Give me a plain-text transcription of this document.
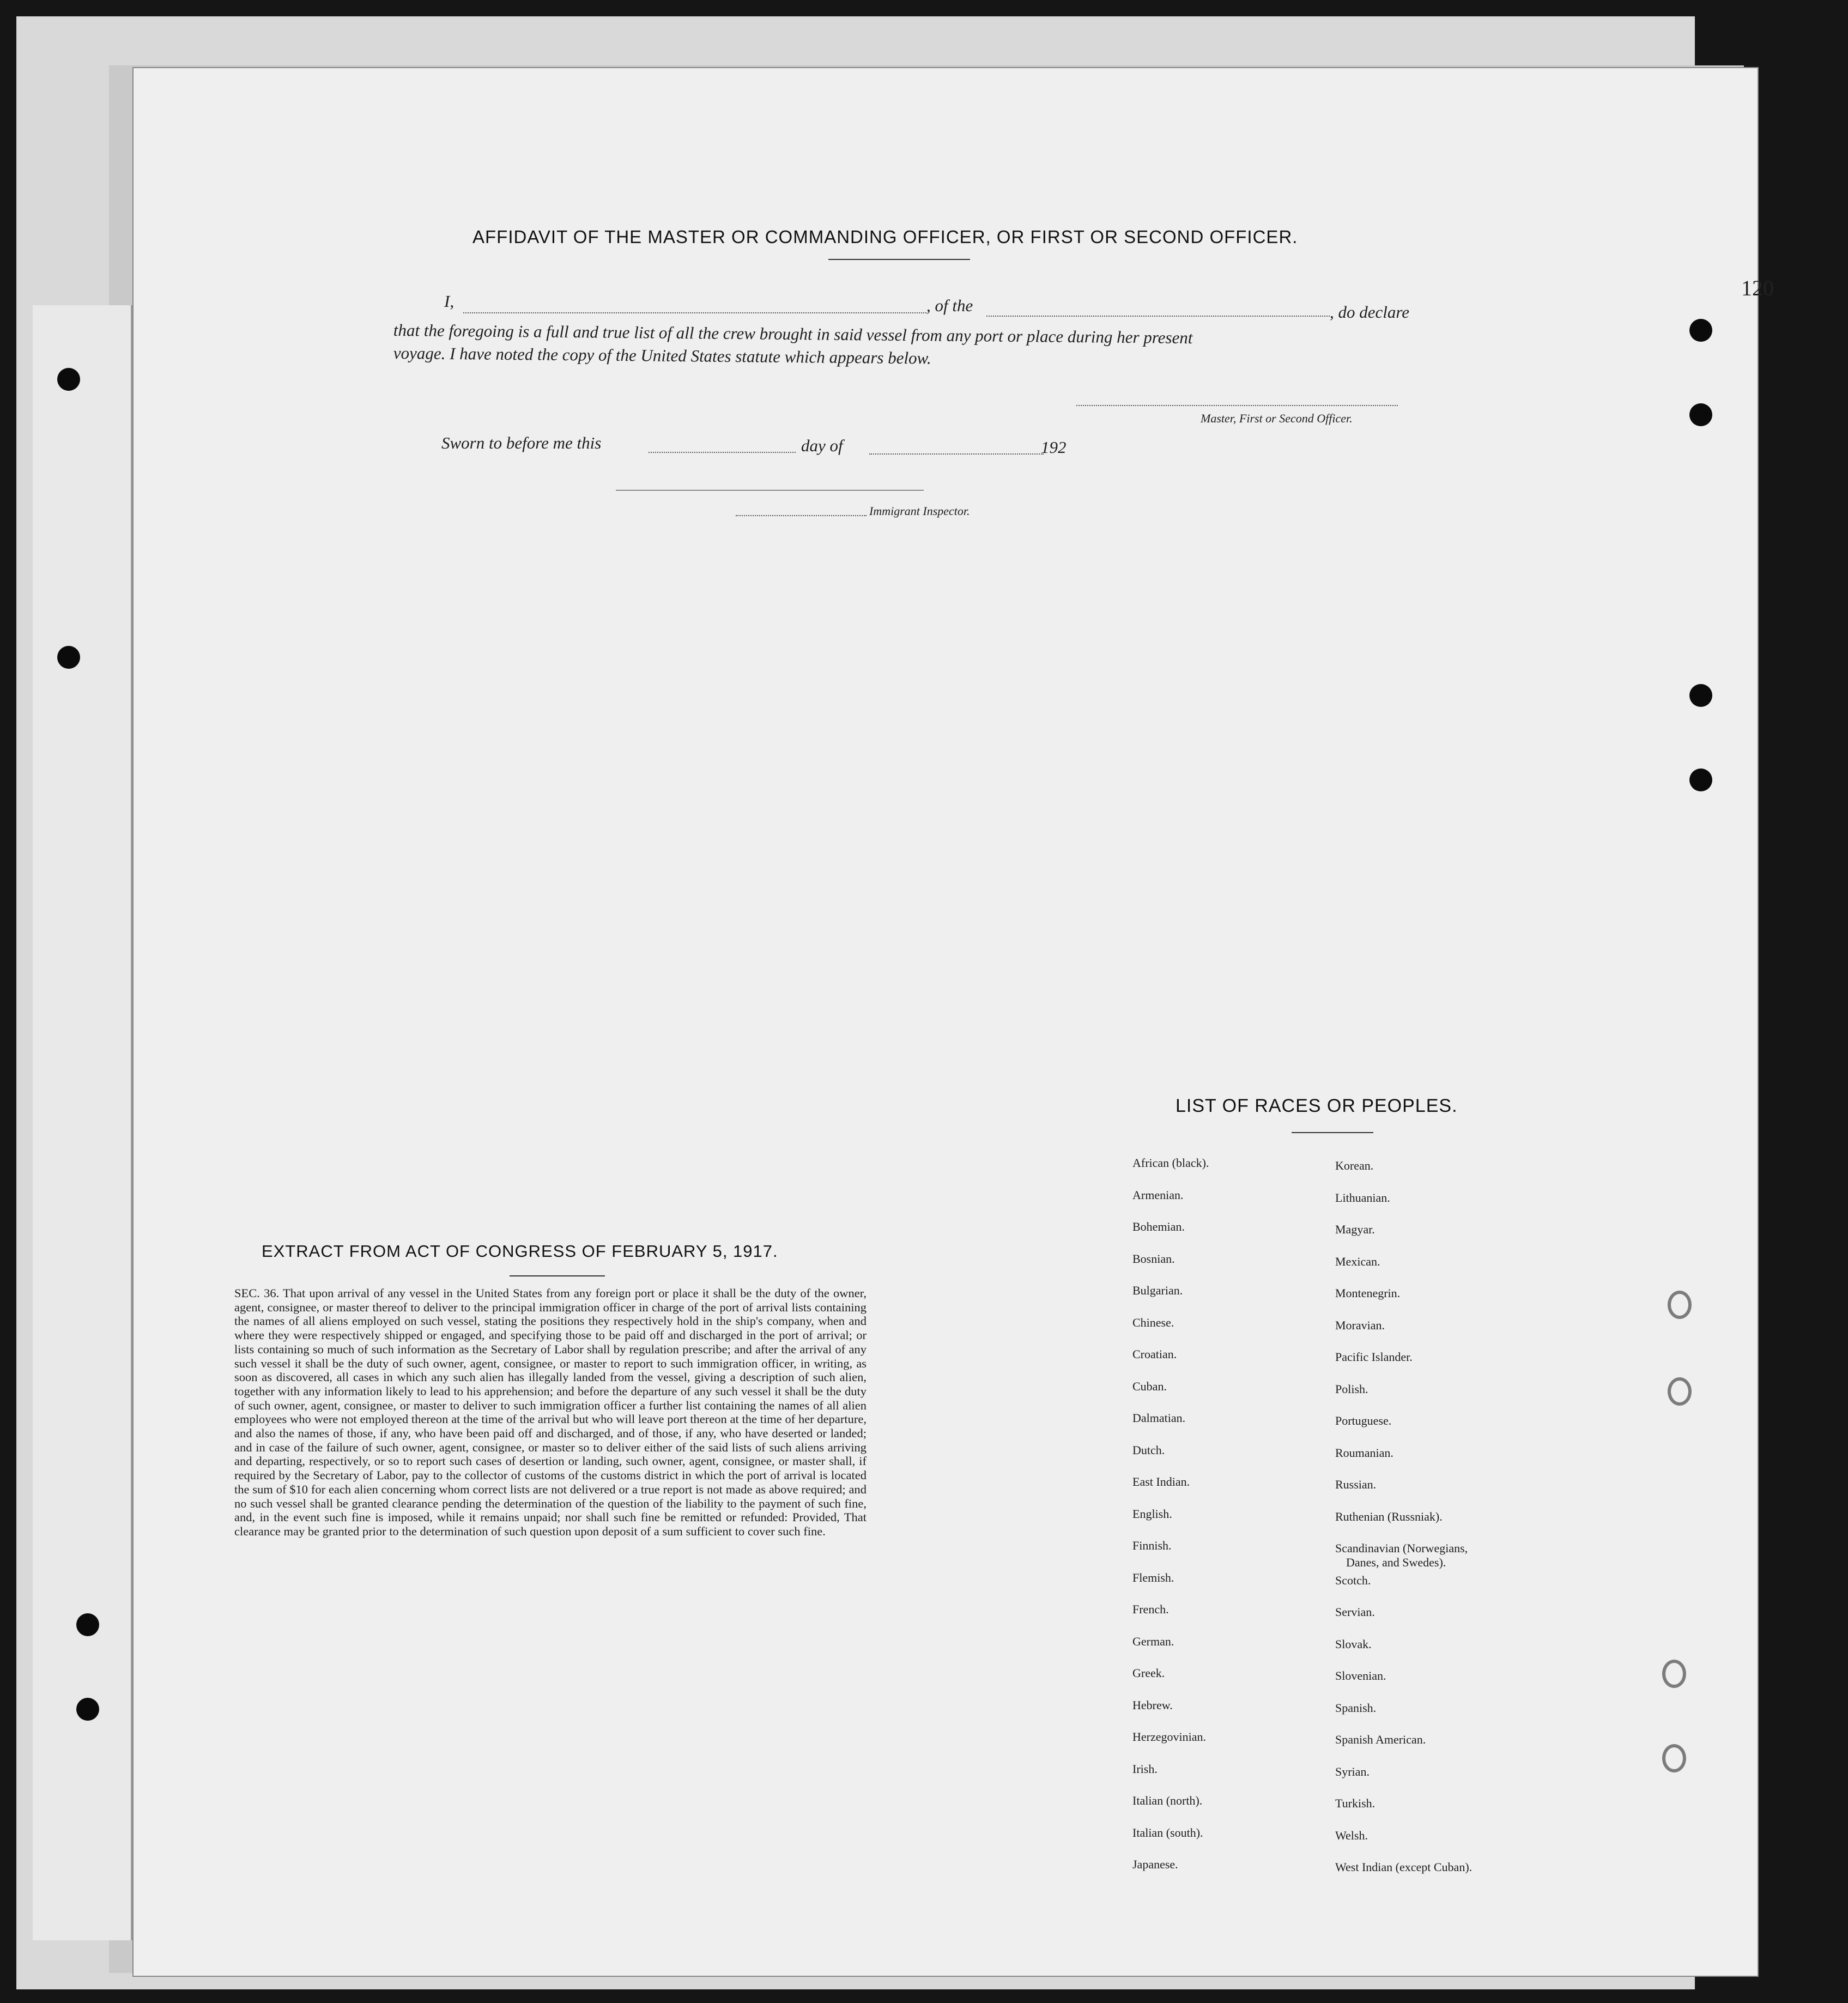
120
AFFIDAVIT OF THE MASTER OR COMMANDING OFFICER, OR FIRST OR SECOND OFFICER.
I,	, of the	, do declare
that the foregoing is a full and true list of all the crew brought in said vessel from any port or place during her present
voyage. I have noted the copy of the United States statute which appears below.
Master, First or Second Officer.
Sworn to before me this	day of	192
Immigrant Inspector.
EXTRACT FROM ACT OF CONGRESS OF FEBRUARY 5, 1917.
SEC. 36. That upon arrival of any vessel in the United States from any foreign port or place it shall be the duty of the owner, agent, consignee, or master thereof to deliver to the principal immigration officer in charge of the port of arrival lists containing the names of all aliens employed on such vessel, stating the positions they respectively hold in the ship's company, when and where they were respectively shipped or engaged, and specifying those to be paid off and discharged in the port of arrival; or lists containing so much of such information as the Secretary of Labor shall by regulation prescribe; and after the arrival of any such vessel it shall be the duty of such owner, agent, consignee, or master to report to such immigration officer, in writing, as soon as discovered, all cases in which any such alien has illegally landed from the vessel, giving a description of such alien, together with any information likely to lead to his apprehension; and before the departure of any such vessel it shall be the duty of such owner, agent, consignee, or master to deliver to such immigration officer a further list containing the names of all alien employees who were not employed thereon at the time of the arrival but who will leave port thereon at the time of her departure, and also the names of those, if any, who have been paid off and discharged, and of those, if any, who have deserted or landed; and in case of the failure of such owner, agent, consignee, or master so to deliver either of the said lists of such aliens arriving and departing, respectively, or so to report such cases of desertion or landing, such owner, agent, consignee, or master shall, if required by the Secretary of Labor, pay to the collector of customs of the customs district in which the port of arrival is located the sum of $10 for each alien concerning whom correct lists are not delivered or a true report is not made as above required; and no such vessel shall be granted clearance pending the determination of the question of the liability to the payment of such fine, and, in the event such fine is imposed, while it remains unpaid; nor shall such fine be remitted or refunded: Provided, That clearance may be granted prior to the determination of such question upon deposit of a sum sufficient to cover such fine.
LIST OF RACES OR PEOPLES.
African (black).
Armenian.
Bohemian.
Bosnian.
Bulgarian.
Chinese.
Croatian.
Cuban.
Dalmatian.
Dutch.
East Indian.
English.
Finnish.
Flemish.
French.
German.
Greek.
Hebrew.
Herzegovinian.
Irish.
Italian (north).
Italian (south).
Japanese.
Korean.
Lithuanian.
Magyar.
Mexican.
Montenegrin.
Moravian.
Pacific Islander.
Polish.
Portuguese.
Roumanian.
Russian.
Ruthenian (Russniak).
Scandinavian (Norwegians,
Danes, and Swedes).
Scotch.
Servian.
Slovak.
Slovenian.
Spanish.
Spanish American.
Syrian.
Turkish.
Welsh.
West Indian (except Cuban).
